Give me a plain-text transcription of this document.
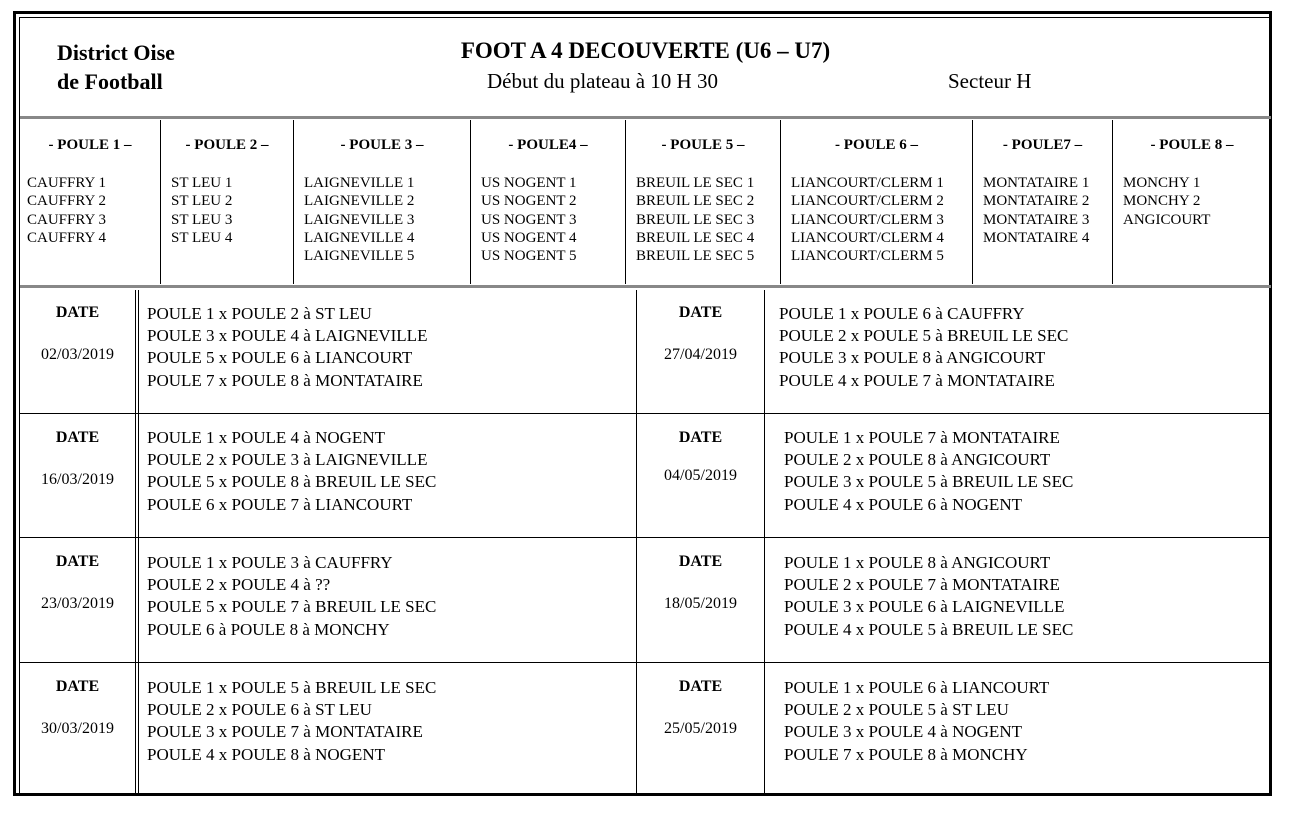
District Oise
de Football
FOOT A 4 DECOUVERTE (U6 – U7)
Début du plateau à 10 H 30	Secteur H
- POULE 1 –
CAUFFRY 1
CAUFFRY 2
CAUFFRY 3
CAUFFRY 4
- POULE 2 –
ST LEU 1
ST LEU 2
ST LEU 3
ST LEU 4
- POULE 3 –
LAIGNEVILLE 1
LAIGNEVILLE 2
LAIGNEVILLE 3
LAIGNEVILLE 4
LAIGNEVILLE 5
- POULE4 –
US NOGENT 1
US NOGENT 2
US NOGENT 3
US NOGENT 4
US NOGENT 5
- POULE 5 –
BREUIL LE SEC 1
BREUIL LE SEC 2
BREUIL LE SEC 3
BREUIL LE SEC 4
BREUIL LE SEC 5
- POULE 6 –
LIANCOURT/CLERM 1
LIANCOURT/CLERM 2
LIANCOURT/CLERM 3
LIANCOURT/CLERM 4
LIANCOURT/CLERM 5
- POULE7 –
MONTATAIRE 1
MONTATAIRE 2
MONTATAIRE 3
MONTATAIRE 4
- POULE 8 –
MONCHY 1
MONCHY 2
ANGICOURT
DATE
02/03/2019
POULE 1 x POULE 2 à ST LEU
POULE 3 x POULE 4 à LAIGNEVILLE
POULE 5 x POULE 6 à LIANCOURT
POULE 7 x POULE 8 à MONTATAIRE
DATE
27/04/2019
POULE 1 x POULE 6 à CAUFFRY
POULE 2 x POULE 5 à BREUIL LE SEC
POULE 3 x POULE 8 à ANGICOURT
POULE 4 x POULE 7 à MONTATAIRE
DATE
16/03/2019
POULE 1 x POULE 4 à NOGENT
POULE 2 x POULE 3 à LAIGNEVILLE
POULE 5 x POULE 8 à BREUIL LE SEC
POULE 6 x POULE 7 à LIANCOURT
DATE
04/05/2019
POULE 1 x POULE 7 à MONTATAIRE
POULE 2 x POULE 8 à ANGICOURT
POULE 3 x POULE 5 à BREUIL LE SEC
POULE 4 x POULE 6 à NOGENT
DATE
23/03/2019
POULE 1 x POULE 3 à CAUFFRY
POULE 2 x POULE 4 à ??
POULE 5 x POULE 7 à BREUIL LE SEC
POULE 6 à POULE 8 à MONCHY
DATE
18/05/2019
POULE 1 x POULE 8 à ANGICOURT
POULE 2 x POULE 7 à MONTATAIRE
POULE 3 x POULE 6 à LAIGNEVILLE
POULE 4 x POULE 5 à BREUIL LE SEC
DATE
30/03/2019
POULE 1 x POULE 5 à BREUIL LE SEC
POULE 2 x POULE 6 à ST LEU
POULE 3 x POULE 7 à MONTATAIRE
POULE 4 x POULE 8 à NOGENT
DATE
25/05/2019
POULE 1 x POULE 6 à LIANCOURT
POULE 2 x POULE 5 à ST LEU
POULE 3 x POULE 4 à NOGENT
POULE 7 x POULE 8 à MONCHY
